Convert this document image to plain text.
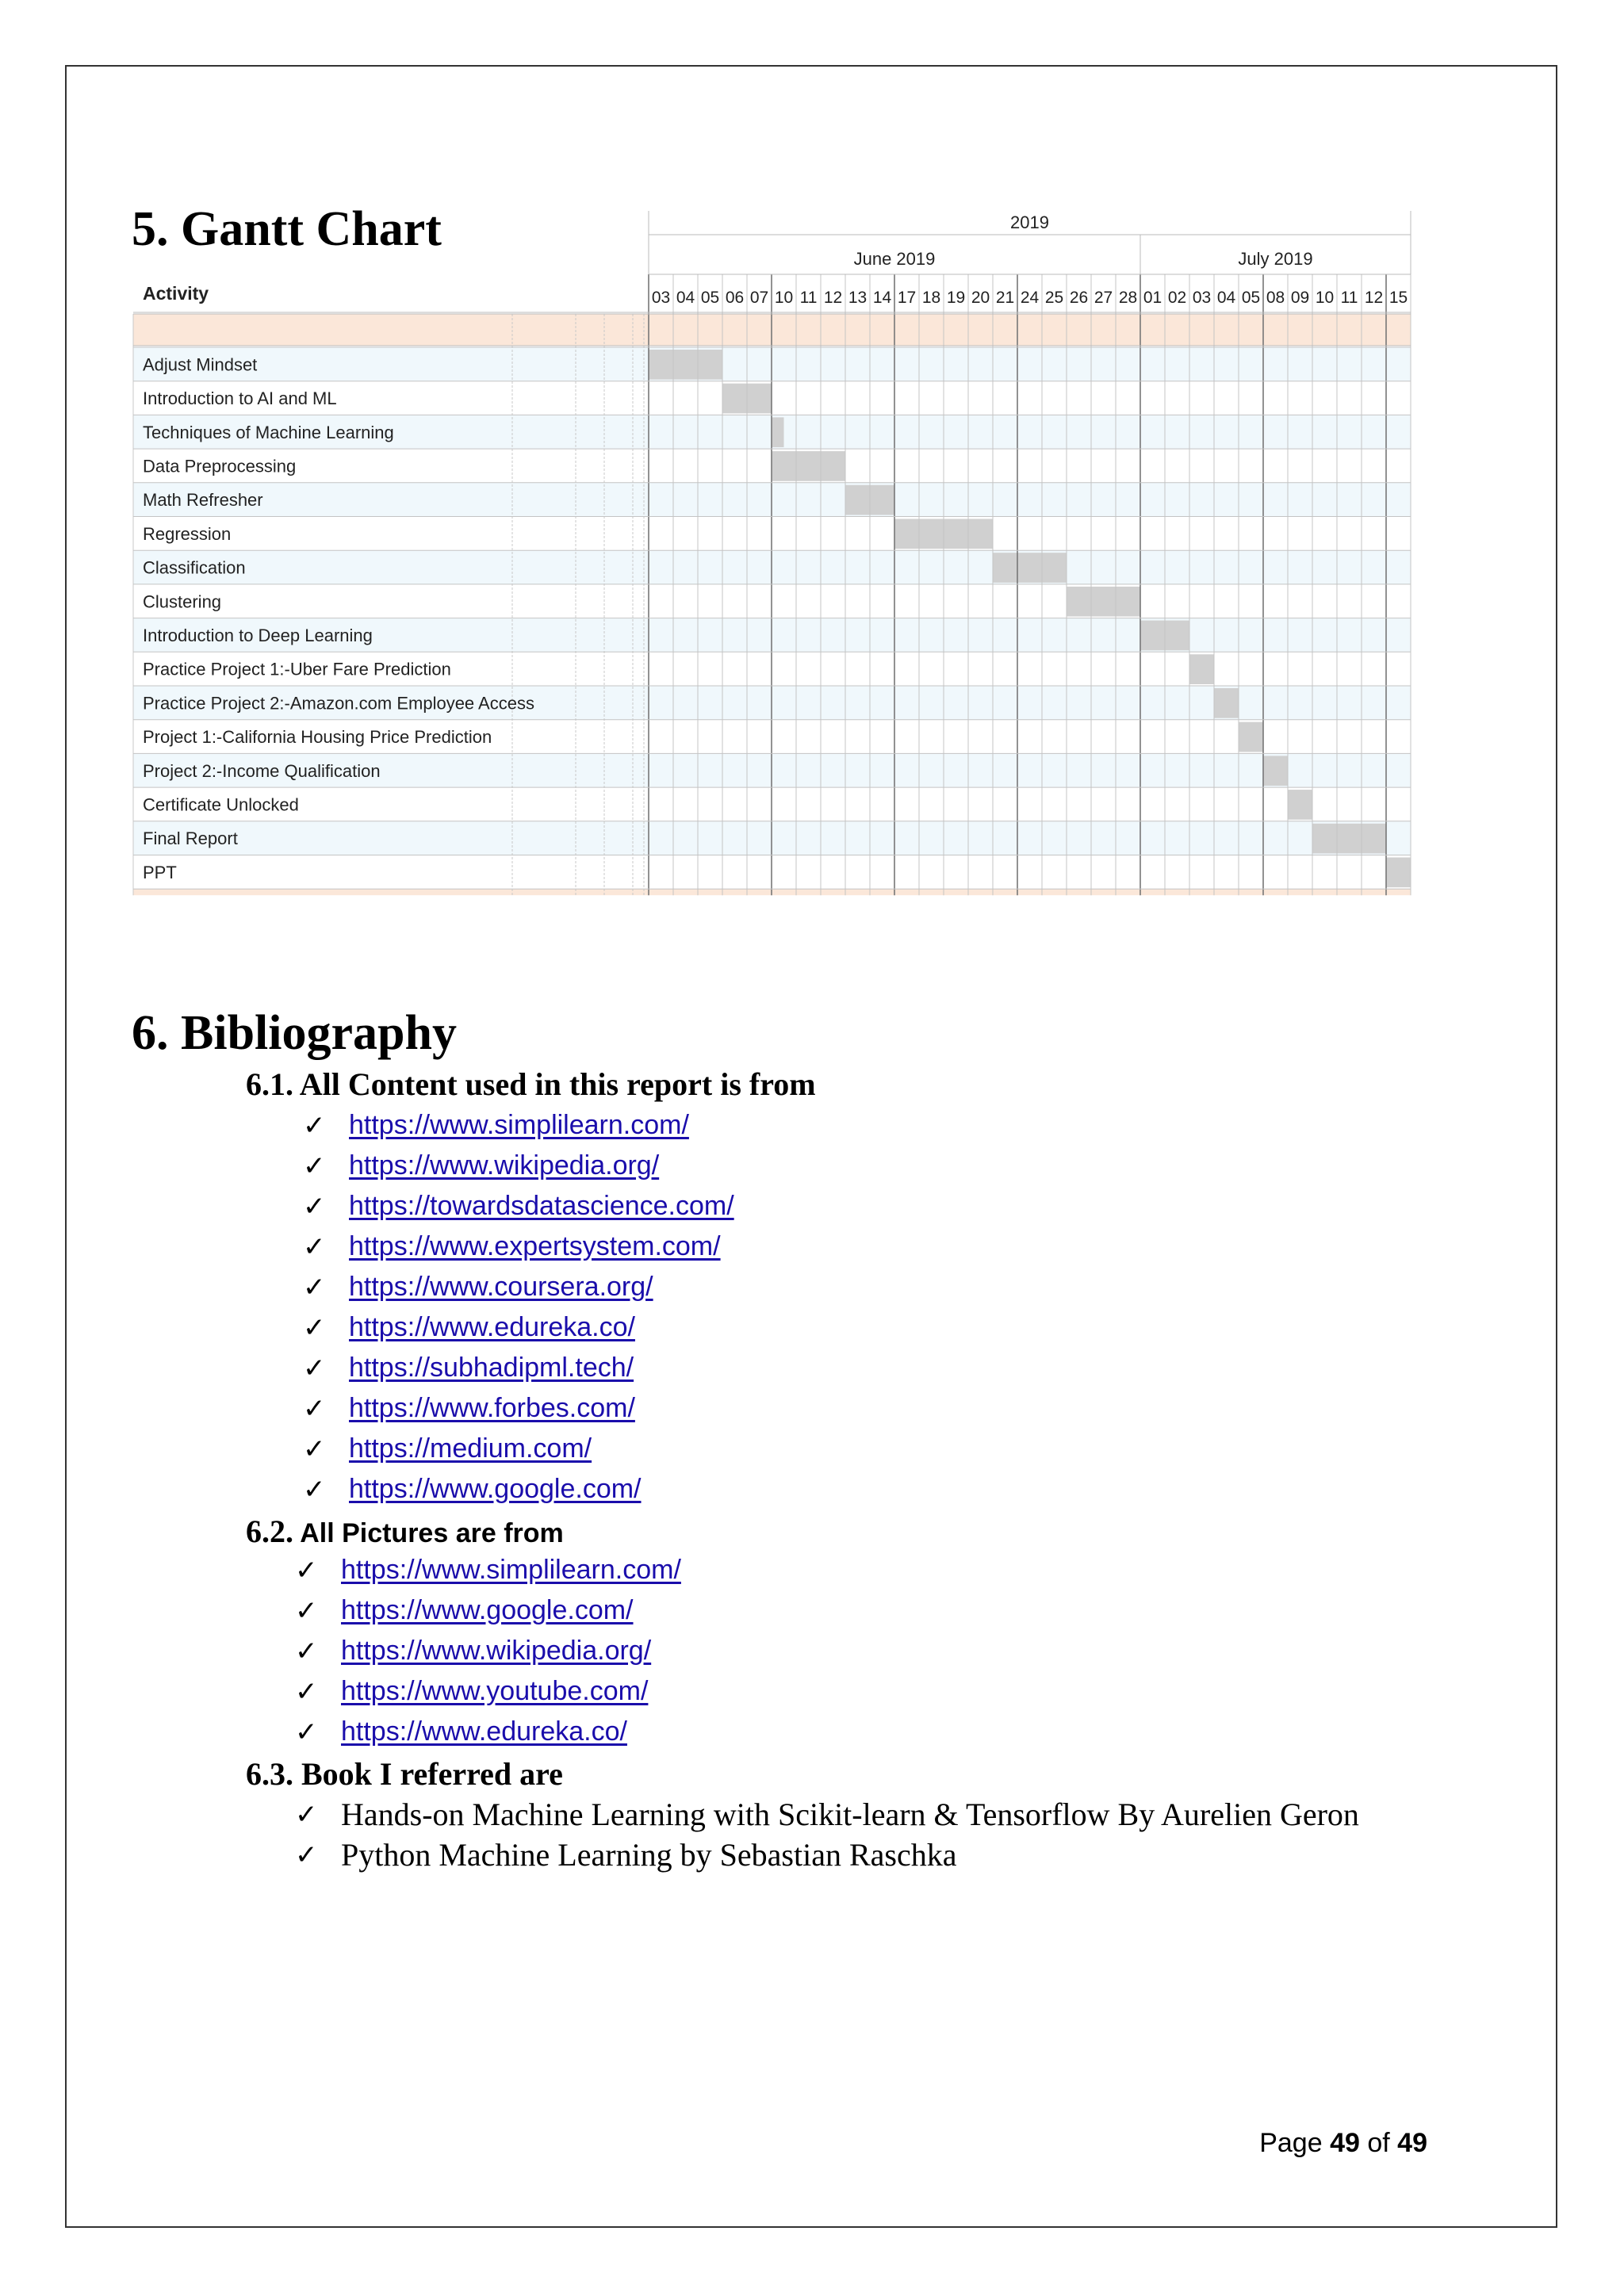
5. Gantt Chart	2019
June 2019	July 2019
03 04 05 06 07 10 11 12 13 14 17 18 19 20 21 24 25 26 27 28 01 02 03 04 05 08 09 10 11 12 15
Activity
Adjust Mindset
Introduction to AI and ML
Techniques of Machine Learning
Data Preprocessing
Math Refresher
Regression
Classification
Clustering
Introduction to Deep Learning
Practice Project 1:-Uber Fare Prediction
Practice Project 2:-Amazon.com Employee Access
Project 1:-California Housing Price Prediction
Project 2:-Income Qualification
Certificate Unlocked
Final Report
PPT
6. Bibliography
6.1. All Content used in this report is from
✓ https://www.simplilearn.com/
✓ https://www.wikipedia.org/
✓ https://towardsdatascience.com/
✓ https://www.expertsystem.com/
✓ https://www.coursera.org/
✓ https://www.edureka.co/
✓ https://subhadipml.tech/
✓ https://www.forbes.com/
✓ https://medium.com/
✓ https://www.google.com/
6.2. All Pictures are from
✓ https://www.simplilearn.com/
✓ https://www.google.com/
✓ https://www.wikipedia.org/
✓ https://www.youtube.com/
✓ https://www.edureka.co/
6.3. Book I referred are
✓ Hands-on Machine Learning with Scikit-learn & Tensorflow By Aurelien Geron
✓ Python Machine Learning by Sebastian Raschka
Page 49 of 49
